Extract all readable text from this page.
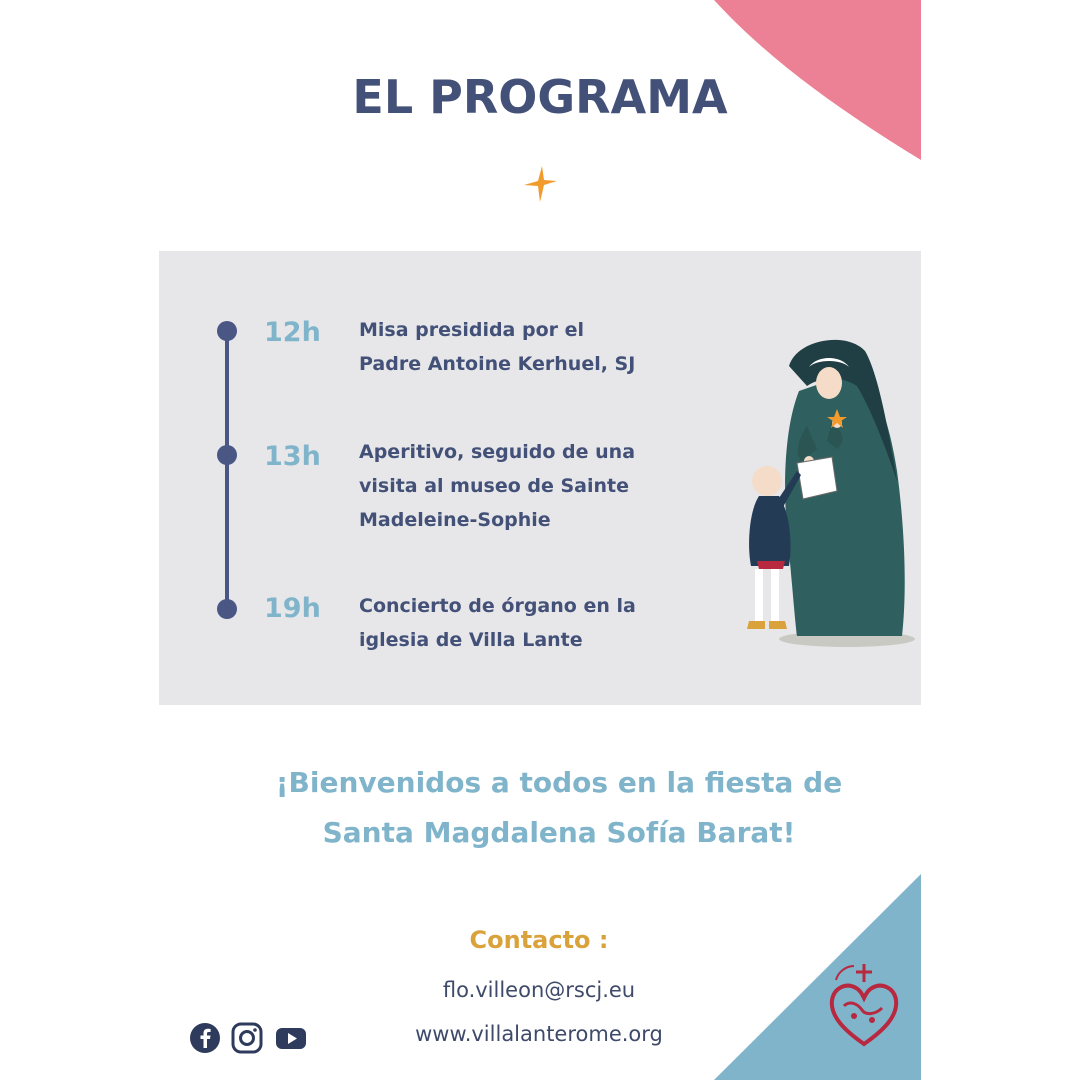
EL PROGRAMA
12h Misa presidida por el
Padre Antoine Kerhuel, SJ
13h Aperitivo, seguido de una
visita al museo de Sainte
Madeleine-Sophie
19h Concierto de órgano en la
iglesia de Villa Lante
¡Bienvenidos a todos en la fiesta de
Santa Magdalena Sofía Barat!
Contacto :
flo.villeon@rscj.eu
www.villalanterome.org
